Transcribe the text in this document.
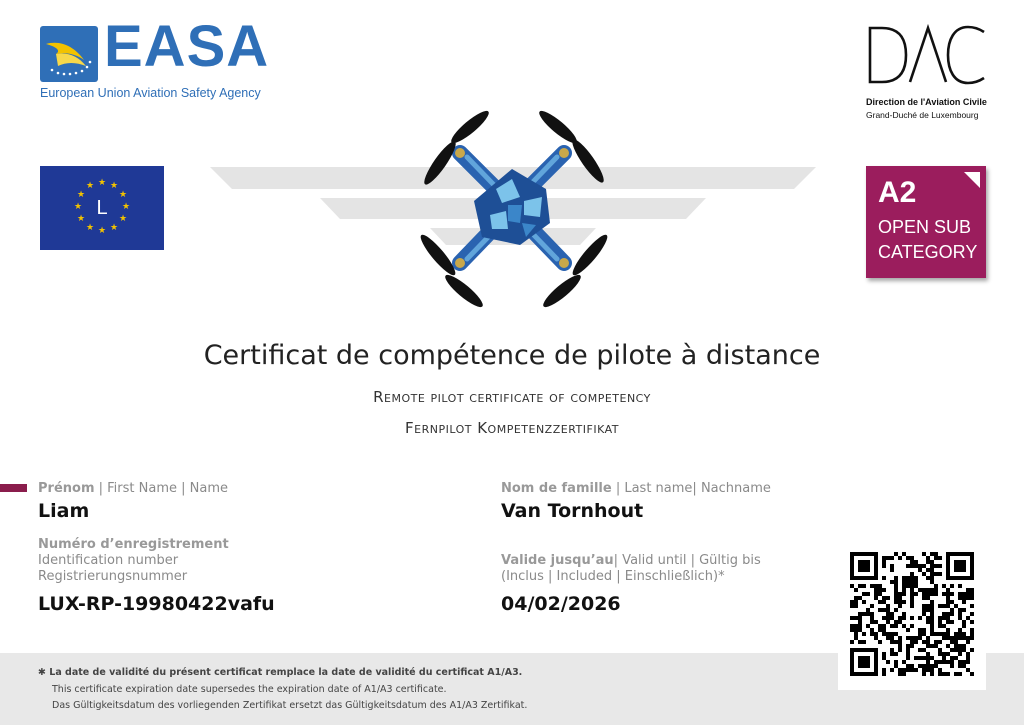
EASA
European Union Aviation Safety Agency
Direction de l'Aviation Civile
Grand-Duché de Luxembourg
★ ★
★
★
★
★
★
★
★
★
★
★
L	A2
OPEN SUB
CATEGORY
Certificat de compétence de pilote à distance
Remote pilot certificate of competency
Fernpilot Kompetenzzertifikat
Prénom | First Name | Name
Liam
Nom de famille | Last name| Nachname
Van Tornhout
Numéro d’enregistrement
Identification number
Registrierungsnummer
LUX-RP-19980422vafu
Valide jusqu’au| Valid until | Gültig bis
(Inclus | Included | Einschließlich)*
04/02/2026
✱ La date de validité du présent certificat remplace la date de validité du certificat A1/A3.
This certificate expiration date supersedes the expiration date of A1/A3 certificate.
Das Gültigkeitsdatum des vorliegenden Zertifikat ersetzt das Gültigkeitsdatum des A1/A3 Zertifikat.
